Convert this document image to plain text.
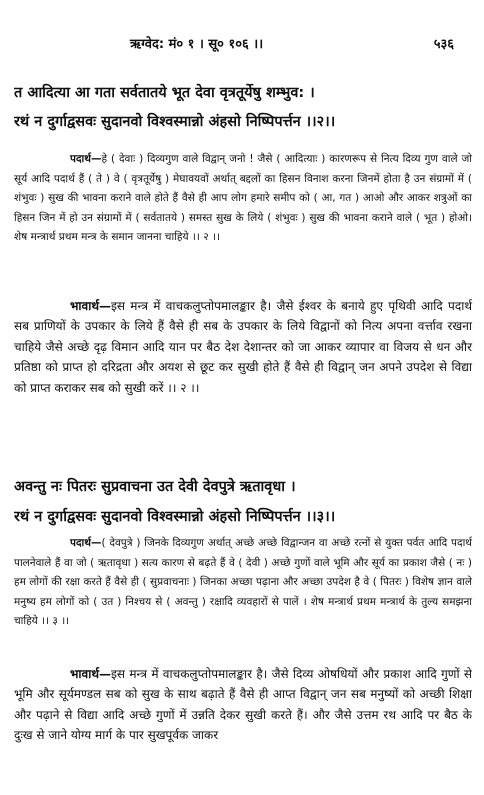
ऋग्वेद: मं० १ । सू० १०६ ।।	५३६
त आदित्या आ गता सर्वतातये भूत देवा वृत्रतूर्येषु शम्भुव: ।
रथं न दुर्गाद्वसवः सुदानवो विश्वस्मान्नो अंहसो निष्पिपर्त्तन ।।२।।
पदार्थ—हे ( देवाः ) दिव्यगुण वाले विद्वान् जनो ! जैसे ( आदित्याः ) कारणरूप से नित्य दिव्य गुण वाले जो सूर्य आदि पदार्थ हैं ( ते ) वे ( वृत्रतूर्येषु ) मेघावयवों अर्थात् बद्दलों का हिसन विनाश करना जिनमें होता है उन संग्रामों में ( शंभुवः ) सुख की भावना कराने वाले होते हैं वैसे ही आप लोग हमारे समीप को ( आ, गत ) आओ और आकर शत्रुओं का हिसन जिन में हो उन संग्रामों में ( सर्वतातये ) समस्त सुख के लिये ( शंभुवः ) सुख की भावना कराने वाले ( भूत ) होओ। शेष मन्त्रार्थ प्रथम मन्त्र के समान जानना चाहिये ।। २ ।।
भावार्थ—इस मन्त्र में वाचकलुप्तोपमालङ्कार है। जैसे ईश्वर के बनाये हुए पृथिवी आदि पदार्थ सब प्राणियों के उपकार के लिये हैं वैसे ही सब के उपकार के लिये विद्वानों को नित्य अपना वर्त्ताव रखना चाहिये जैसे अच्छे दृढ़ विमान आदि यान पर बैठ देश देशान्तर को जा आकर व्यापार वा विजय से धन और प्रतिष्ठा को प्राप्त हो दरिद्रता और अयश से छूट कर सुखी होते हैं वैसे ही विद्वान् जन अपने उपदेश से विद्या को प्राप्त कराकर सब को सुखी करें ।। २ ।।
अवन्तु नः पितरः सुप्रवाचना उत देवी देवपुत्रे ऋतावृधा ।
रथं न दुर्गाद्वसवः सुदानवो विश्वस्मान्नो अंहसो निष्पिपर्त्तन ।।३।।
पदार्थ—( देवपुत्रे ) जिनके दिव्यगुण अर्थात् अच्छे अच्छे विद्वान्जन वा अच्छे रत्नों से युक्त पर्वत आदि पदार्थ पालनेवाले हैं वा जो ( ऋतावृधा ) सत्य कारण से बढ़ते हैं वे ( देवी ) अच्छे गुणों वाले भूमि और सूर्य का प्रकाश जैसे ( नः ) हम लोगों की रक्षा करते हैं वैसे ही ( सुप्रवाचनाः ) जिनका अच्छा पढ़ाना और अच्छा उपदेश है वे ( पितरः ) विशेष ज्ञान वाले मनुष्य हम लोगों को ( उत ) निश्चय से ( अवन्तु ) रक्षादि व्यवहारों से पालें । शेष मन्त्रार्थ प्रथम मन्त्रार्थ के तुल्य समझना चाहिये ।। ३ ।।
भावार्थ—इस मन्त्र में वाचकलुप्तोपमालङ्कार है। जैसे दिव्य ओषधियों और प्रकाश आदि गुणों से भूमि और सूर्यमण्डल सब को सुख के साथ बढ़ाते हैं वैसे ही आप्त विद्वान् जन सब मनुष्यों को अच्छी शिक्षा और पढ़ाने से विद्या आदि अच्छे गुणों में उन्नति देकर सुखी करते हैं। और जैसे उत्तम रथ आदि पर बैठ के दुःख से जाने योग्य मार्ग के पार सुखपूर्वक जाकर
